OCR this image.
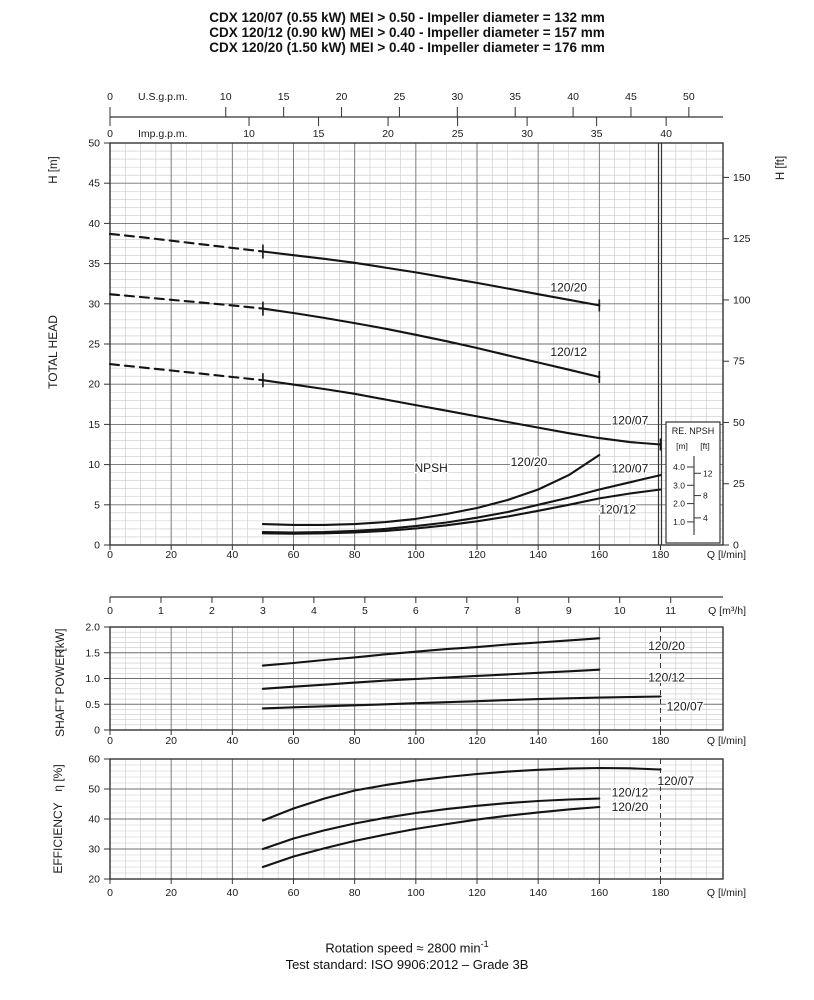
CDX 120/07 (0.55 kW) MEI > 0.50 - Impeller diameter = 132 mm
CDX 120/12 (0.90 kW) MEI > 0.40 - Impeller diameter = 157 mm
CDX 120/20 (1.50 kW) MEI > 0.40 - Impeller diameter = 176 mm
0
5
10
15
20
25
30
35
40
45
50
0
25
50
75
100
125
150
0	20	40	60	80	100	120	140	160	180	Q [l/min]
0	10	15	20	25	30	35	40	45	50
U.S.g.p.m.
0	10	15	20	25	30	35	40
Imp.g.p.m.
RE. NPSH
[m] [ft]
4.0
3.0
2.0
1.0
12
8
4
120/20
120/12
120/07
NPSH	120/20	120/07
120/12
H [m]
TOTAL HEAD
H [ft]
0	1	2	3	4	5	6	7	8	9	10	11	Q [m³/h]
0
0.5
1.0
1.5
2.0
0	20	40	60	80	100	120	140	160	180	Q [l/min]
120/20
120/12
120/07
[kW]
SHAFT POWER
20
30
40
50
60
0	20	40	60	80	100	120	140	160	180	Q [l/min]
120/07
120/12
120/20
η [%]
EFFICIENCY
Rotation speed ≈ 2800 $\min^{-1}$
Test standard: ISO 9906:2012 – Grade 3B
